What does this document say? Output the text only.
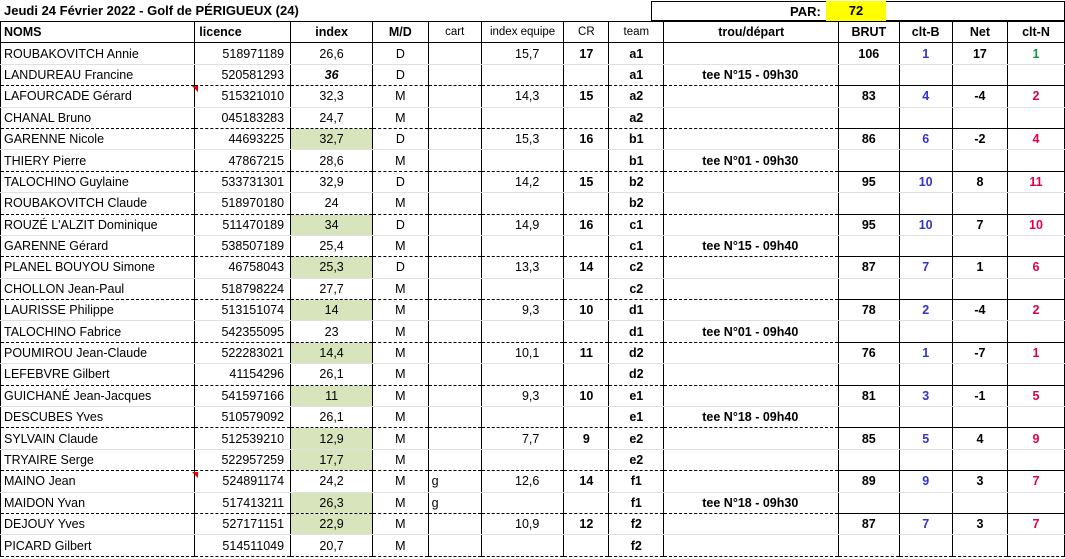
Jeudi 24 Février 2022 - Golf de PÉRIGUEUX (24)	PAR:	72
NOMS	licence	index	M/D	cart	index equipe	CR	team	trou/départ	BRUT	clt-B	Net	clt-N
ROUBAKOVITCH Annie	518971189	26,6	D		15,7	17	a1		106	1	17	1
LANDUREAU Francine	520581293	36	D				a1	tee N°15 - 09h30				
LAFOURCADE Gérard	515321010	32,3	M		14,3	15	a2		83	4	-4	2
CHANAL Bruno	045183283	24,7	M				a2					
GARENNE Nicole	44693225	32,7	D		15,3	16	b1		86	6	-2	4
THIERY Pierre	47867215	28,6	M				b1	tee N°01 - 09h30				
TALOCHINO Guylaine	533731301	32,9	D		14,2	15	b2		95	10	8	11
ROUBAKOVITCH Claude	518970180	24	M				b2					
ROUZÉ L'ALZIT Dominique	511470189	34	D		14,9	16	c1		95	10	7	10
GARENNE Gérard	538507189	25,4	M				c1	tee N°15 - 09h40				
PLANEL BOUYOU Simone	46758043	25,3	D		13,3	14	c2		87	7	1	6
CHOLLON Jean-Paul	518798224	27,7	M				c2					
LAURISSE Philippe	513151074	14	M		9,3	10	d1		78	2	-4	2
TALOCHINO Fabrice	542355095	23	M				d1	tee N°01 - 09h40				
POUMIROU Jean-Claude	522283021	14,4	M		10,1	11	d2		76	1	-7	1
LEFEBVRE Gilbert	41154296	26,1	M				d2					
GUICHANÉ Jean-Jacques	541597166	11	M		9,3	10	e1		81	3	-1	5
DESCUBES Yves	510579092	26,1	M				e1	tee N°18 - 09h40				
SYLVAIN Claude	512539210	12,9	M		7,7	9	e2		85	5	4	9
TRYAIRE Serge	522957259	17,7	M				e2					
MAINO Jean	524891174	24,2	M	g	12,6	14	f1		89	9	3	7
MAIDON Yvan	517413211	26,3	M	g			f1	tee N°18 - 09h30				
DEJOUY Yves	527171151	22,9	M		10,9	12	f2		87	7	3	7
PICARD Gilbert	514511049	20,7	M				f2					
